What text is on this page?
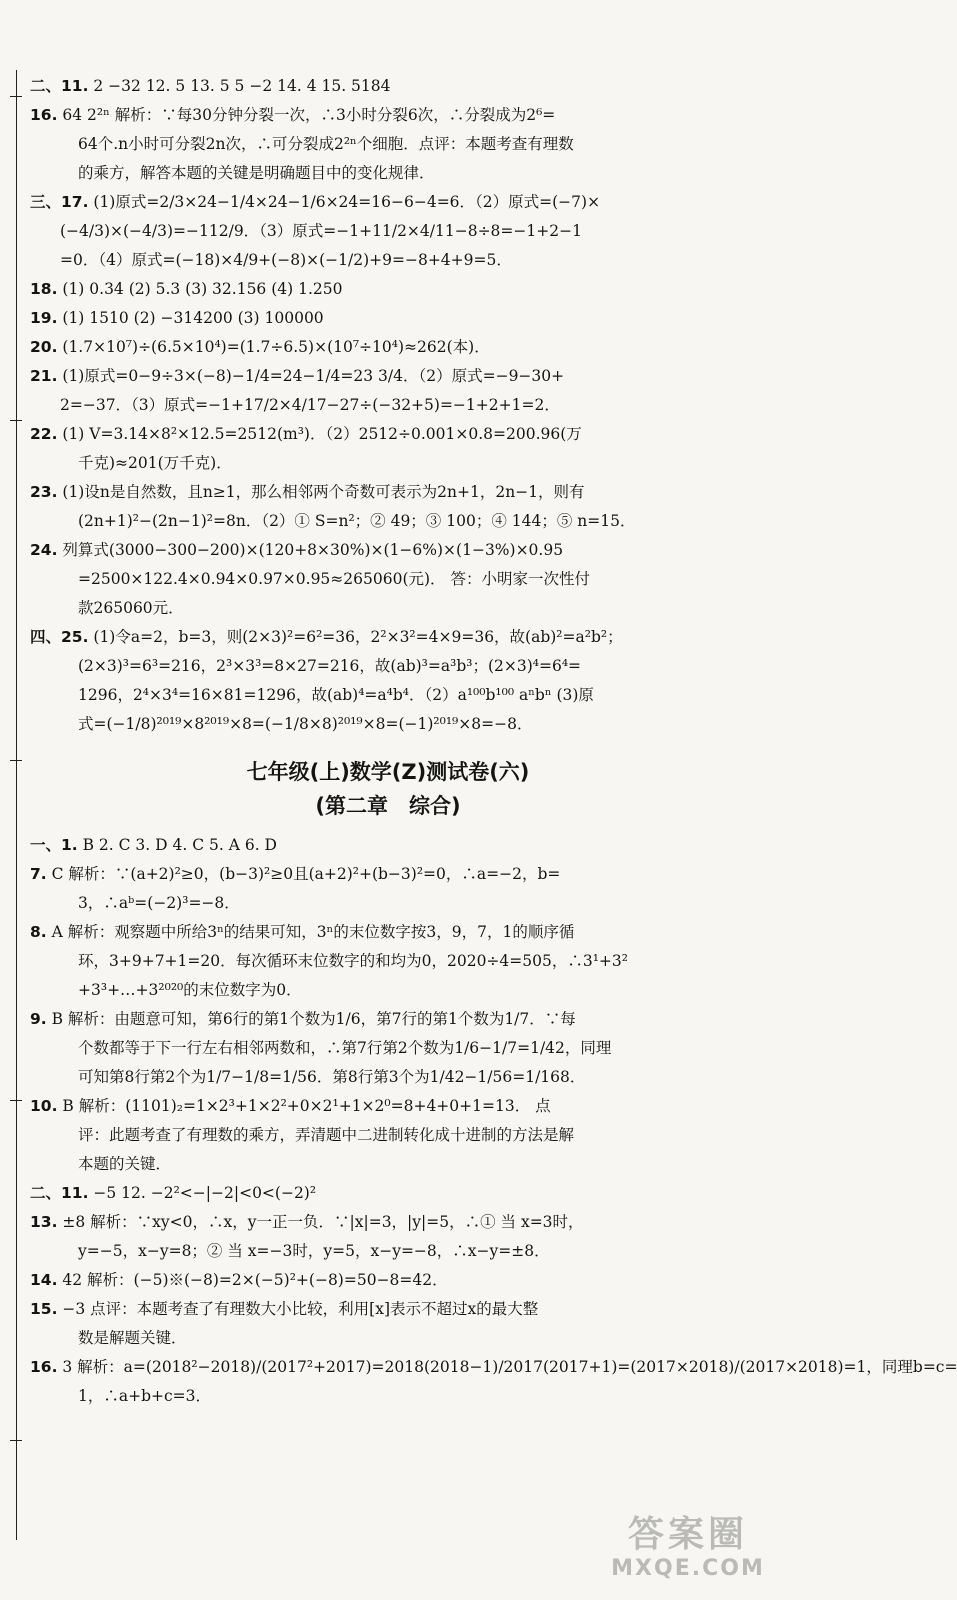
二、11. 2 −32 12. 5 13. 5 5 −2 14. 4 15. 5184
16. 64 2²ⁿ 解析：∵每30分钟分裂一次，∴3小时分裂6次，∴分裂成为2⁶=
64个.n小时可分裂2n次，∴可分裂成2²ⁿ个细胞．点评：本题考查有理数
的乘方，解答本题的关键是明确题目中的变化规律．
三、17. (1)原式=2/3×24−1/4×24−1/6×24=16−6−4=6．（2）原式=(−7)×
(−4/3)×(−4/3)=−112/9．（3）原式=−1+11/2×4/11−8÷8=−1+2−1
=0．（4）原式=(−18)×4/9+(−8)×(−1/2)+9=−8+4+9=5．
18. (1) 0.34 (2) 5.3 (3) 32.156 (4) 1.250
19. (1) 1510 (2) −314200 (3) 100000
20. (1.7×10⁷)÷(6.5×10⁴)=(1.7÷6.5)×(10⁷÷10⁴)≈262(本)．
21. (1)原式=0−9÷3×(−8)−1/4=24−1/4=23 3/4．（2）原式=−9−30+
2=−37．（3）原式=−1+17/2×4/17−27÷(−32+5)=−1+2+1=2．
22. (1) V=3.14×8²×12.5=2512(m³)．（2）2512÷0.001×0.8=200.96(万
千克)≈201(万千克)．
23. (1)设n是自然数，且n≥1，那么相邻两个奇数可表示为2n+1，2n−1，则有
(2n+1)²−(2n−1)²=8n．（2）① S=n²；② 49；③ 100；④ 144；⑤ n=15．
24. 列算式(3000−300−200)×(120+8×30%)×(1−6%)×(1−3%)×0.95
=2500×122.4×0.94×0.97×0.95≈265060(元)． 答：小明家一次性付
款265060元．
四、25. (1)令a=2，b=3，则(2×3)²=6²=36，2²×3²=4×9=36，故(ab)²=a²b²；
(2×3)³=6³=216，2³×3³=8×27=216，故(ab)³=a³b³；(2×3)⁴=6⁴=
1296，2⁴×3⁴=16×81=1296，故(ab)⁴=a⁴b⁴．（2）a¹⁰⁰b¹⁰⁰ aⁿbⁿ (3)原
式=(−1/8)²⁰¹⁹×8²⁰¹⁹×8=(−1/8×8)²⁰¹⁹×8=(−1)²⁰¹⁹×8=−8．
七年级(上)数学(Z)测试卷(六)
(第二章　综合)
一、1. B 2. C 3. D 4. C 5. A 6. D
7. C 解析：∵(a+2)²≥0，(b−3)²≥0且(a+2)²+(b−3)²=0，∴a=−2，b=
3，∴aᵇ=(−2)³=−8．
8. A 解析：观察题中所给3ⁿ的结果可知，3ⁿ的末位数字按3，9，7，1的顺序循
环，3+9+7+1=20．每次循环末位数字的和均为0，2020÷4=505，∴3¹+3²
+3³+…+3²⁰²⁰的末位数字为0．
9. B 解析：由题意可知，第6行的第1个数为1/6，第7行的第1个数为1/7．∵每
个数都等于下一行左右相邻两数和，∴第7行第2个数为1/6−1/7=1/42，同理
可知第8行第2个为1/7−1/8=1/56．第8行第3个为1/42−1/56=1/168．
10. B 解析：(1101)₂=1×2³+1×2²+0×2¹+1×2⁰=8+4+0+1=13． 点
评：此题考查了有理数的乘方，弄清题中二进制转化成十进制的方法是解
本题的关键．
二、11. −5 12. −2²<−|−2|<0<(−2)²
13. ±8 解析：∵xy<0，∴x，y一正一负．∵|x|=3，|y|=5，∴① 当 x=3时，
y=−5，x−y=8；② 当 x=−3时，y=5，x−y=−8，∴x−y=±8．
14. 42 解析：(−5)※(−8)=2×(−5)²+(−8)=50−8=42．
15. −3 点评：本题考查了有理数大小比较，利用[x]表示不超过x的最大整
数是解题关键．
16. 3 解析：a=(2018²−2018)/(2017²+2017)=2018(2018−1)/2017(2017+1)=(2017×2018)/(2017×2018)=1，同理b=c=
1，∴a+b+c=3．
答案圈
MXQE.COM
